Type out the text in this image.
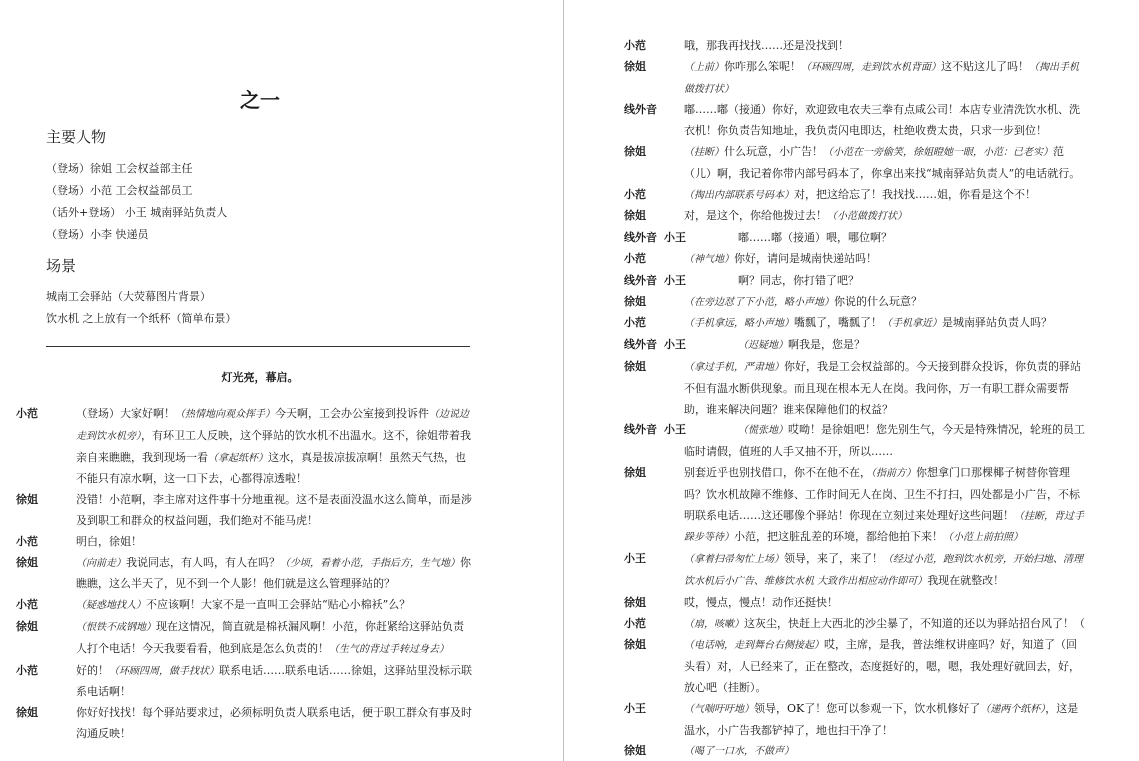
之一
主要人物
（登场）徐姐 工会权益部主任
（登场）小范 工会权益部员工
（话外+登场） 小王 城南驿站负责人
（登场）小李 快递员
场景
城南工会驿站（大荧幕图片背景）
饮水机 之上放有一个纸杯（简单布景）
灯光亮，幕启。

小范	（登场）大家好啊！（热情地向观众挥手）今天啊，工会办公室接到投诉件（边说边走到饮水机旁），有环卫工人反映，这个驿站的饮水机不出温水。这不，徐姐带着我亲自来瞧瞧，我到现场一看（拿起纸杯）这水，真是拔凉拔凉啊！虽然天气热，也不能只有凉水啊，这一口下去，心都得凉透啦！

徐姐	没错！小范啊，李主席对这件事十分地重视。这不是表面没温水这么简单，而是涉及到职工和群众的权益问题，我们绝对不能马虎！

小范	明白，徐姐！

徐姐	（向前走）我说同志，有人吗，有人在吗？（少顷，看着小范，手指后方，生气地）你瞧瞧，这么半天了，见不到一个人影！他们就是这么管理驿站的？

小范	（疑惑地找人）不应该啊！大家不是一直叫工会驿站“贴心小棉袄”么？

徐姐	（恨铁不成钢地）现在这情况，简直就是棉袄漏风啊！小范，你赶紧给这驿站负责人打个电话！今天我要看看，他到底是怎么负责的！（生气的背过手转过身去）

小范	好的！（环顾四周，做手找状）联系电话……联系电话……徐姐，这驿站里没标示联系电话啊！

徐姐	你好好找找！每个驿站要求过，必须标明负责人联系电话，便于职工群众有事及时沟通反映！

小范	哦，那我再找找……还是没找到！

徐姐	（上前）你咋那么笨呢！（环顾四周，走到饮水机背面）这不贴这儿了吗！（掏出手机做拨打状）

线外音 嘟……嘟（接通）你好，欢迎致电农夫三拳有点咸公司！本店专业清洗饮水机、洗衣机！你负责告知地址，我负责闪电即达，杜绝收费太贵，只求一步到位！

徐姐	（挂断）什么玩意，小广告！（小范在一旁偷笑，徐姐瞪她一眼，小范：已老实）范（儿）啊，我记着你带内部号码本了，你拿出来找“城南驿站负责人”的电话就行。

小范	（掏出内部联系号码本）对，把这给忘了！我找找……姐，你看是这个不！

徐姐	对，是这个，你给他拨过去！（小范做拨打状）

线外音 小王	嘟……嘟（接通）喂，哪位啊？

小范	（神气地）你好，请问是城南快递站吗！

线外音 小王	啊？同志，你打错了吧？

徐姐	（在旁边怼了下小范，略小声地）你说的什么玩意？

小范	（手机拿远，略小声地）嘴瓢了，嘴瓢了！（手机拿近）是城南驿站负责人吗？

线外音 小王	（迟疑地）啊我是，您是？

徐姐	（拿过手机，严肃地）你好，我是工会权益部的。今天接到群众投诉，你负责的驿站不但有温水断供现象。而且现在根本无人在岗。我问你，万一有职工群众需要帮助，谁来解决问题？谁来保障他们的权益？

线外音 小王	（慌张地）哎呦！是徐姐吧！您先别生气，今天是特殊情况，轮班的员工临时请假，值班的人手又抽不开，所以……

徐姐	别套近乎也别找借口，你不在他不在，（指前方）你想拿门口那棵椰子树替你管理吗？饮水机故障不维修、工作时间无人在岗、卫生不打扫，四处都是小广告，不标明联系电话……这还哪像个驿站！你现在立刻过来处理好这些问题！（挂断，背过手跺步等待）小范，把这脏乱差的环境，都给他拍下来！（小范上前拍照）

小王	（拿着扫帚匆忙上场）领导，来了，来了！（经过小范，跑到饮水机旁，开始扫地、清理饮水机后小广告、维修饮水机 大致作出相应动作即可）我现在就整改！

徐姐	哎，慢点，慢点！动作还挺快！

小范	（扇，咳嗽）这灰尘，快赶上大西北的沙尘暴了，不知道的还以为驿站招台风了！（

徐姐	（电话响，走到舞台右侧接起）哎，主席，是我，普法维权讲座吗？好，知道了（回头看）对，人已经来了，正在整改，态度挺好的，嗯，嗯，我处理好就回去，好，放心吧（挂断）。

小王	（气喘吁吁地）领导，OK了！您可以参观一下，饮水机修好了（递两个纸杯），这是温水，小广告我都铲掉了，地也扫干净了！

徐姐	（喝了一口水，不做声）
